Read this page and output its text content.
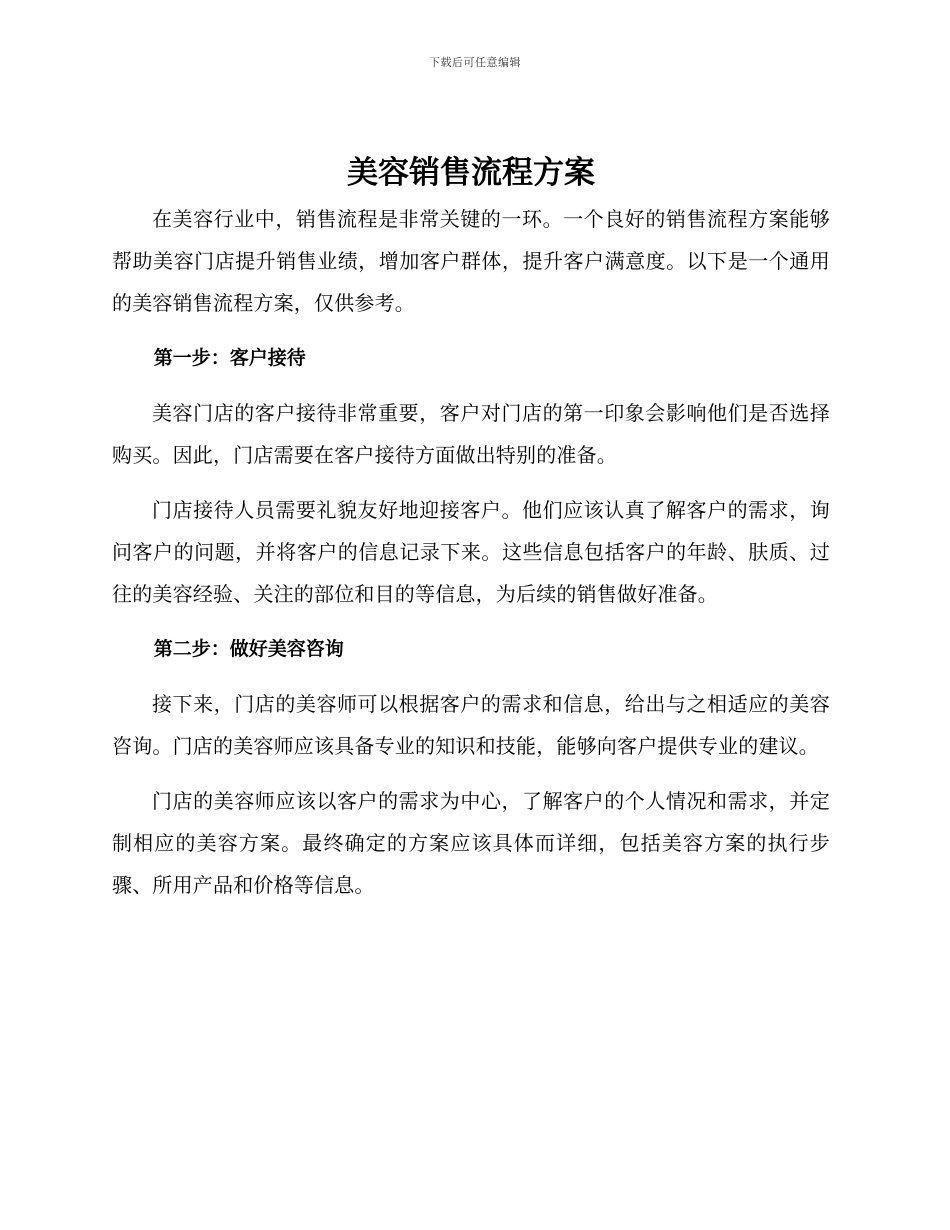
下载后可任意编辑
美容销售流程方案

在美容行业中，销售流程是非常关键的一环。一个良好的销售流程方案能够帮助美容门店提升销售业绩，增加客户群体，提升客户满意度。以下是一个通用的美容销售流程方案，仅供参考。

第一步：客户接待

美容门店的客户接待非常重要，客户对门店的第一印象会影响他们是否选择购买。因此，门店需要在客户接待方面做出特别的准备。

门店接待人员需要礼貌友好地迎接客户。他们应该认真了解客户的需求，询问客户的问题，并将客户的信息记录下来。这些信息包括客户的年龄、肤质、过往的美容经验、关注的部位和目的等信息，为后续的销售做好准备。

第二步：做好美容咨询

接下来，门店的美容师可以根据客户的需求和信息，给出与之相适应的美容咨询。门店的美容师应该具备专业的知识和技能，能够向客户提供专业的建议。

门店的美容师应该以客户的需求为中心，了解客户的个人情况和需求，并定制相应的美容方案。最终确定的方案应该具体而详细，包括美容方案的执行步骤、所用产品和价格等信息。
